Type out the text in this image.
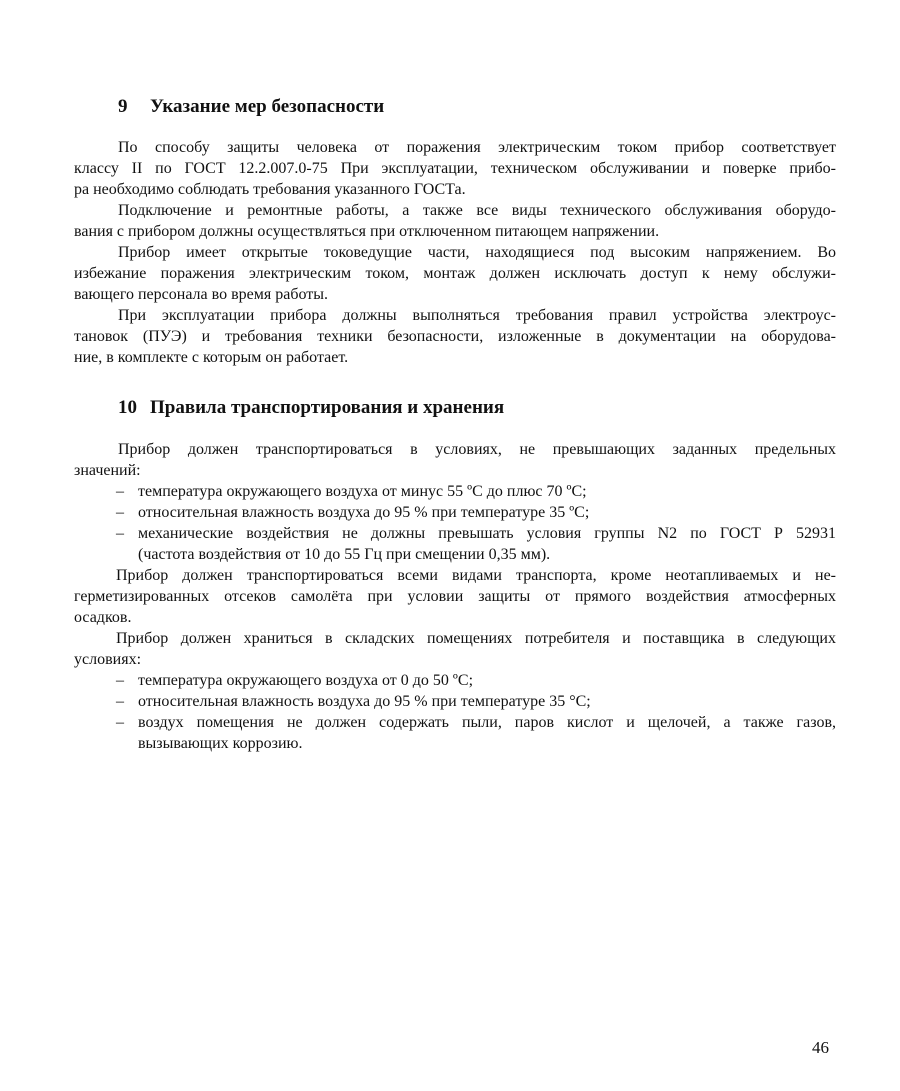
9 Указание мер безопасности
По способу защиты человека от поражения электрическим током прибор соответствует
классу II по ГОСТ 12.2.007.0-75 При эксплуатации, техническом обслуживании и поверке прибо-
ра необходимо соблюдать требования указанного ГОСТа.
Подключение и ремонтные работы, а также все виды технического обслуживания оборудо-
вания с прибором должны осуществляться при отключенном питающем напряжении.
Прибор имеет открытые токоведущие части, находящиеся под высоким напряжением. Во
избежание поражения электрическим током, монтаж должен исключать доступ к нему обслужи-
вающего персонала во время работы.
При эксплуатации прибора должны выполняться требования правил устройства электроус-
тановок (ПУЭ) и требования техники безопасности, изложенные в документации на оборудова-
ние, в комплекте с которым он работает.
10 Правила транспортирования и хранения
Прибор должен транспортироваться в условиях, не превышающих заданных предельных
значений:
– температура окружающего воздуха от минус 55 ºС до плюс 70 ºС;
– относительная влажность воздуха до 95 % при температуре 35 ºС;
– механические воздействия не должны превышать условия группы N2 по ГОСТ Р 52931
(частота воздействия от 10 до 55 Гц при смещении 0,35 мм).
Прибор должен транспортироваться всеми видами транспорта, кроме неотапливаемых и не-
герметизированных отсеков самолёта при условии защиты от прямого воздействия атмосферных
осадков.
Прибор должен храниться в складских помещениях потребителя и поставщика в следующих
условиях:
– температура окружающего воздуха от 0 до 50 ºС;
– относительная влажность воздуха до 95 % при температуре 35 °С;
– воздух помещения не должен содержать пыли, паров кислот и щелочей, а также газов,
вызывающих коррозию.
46
